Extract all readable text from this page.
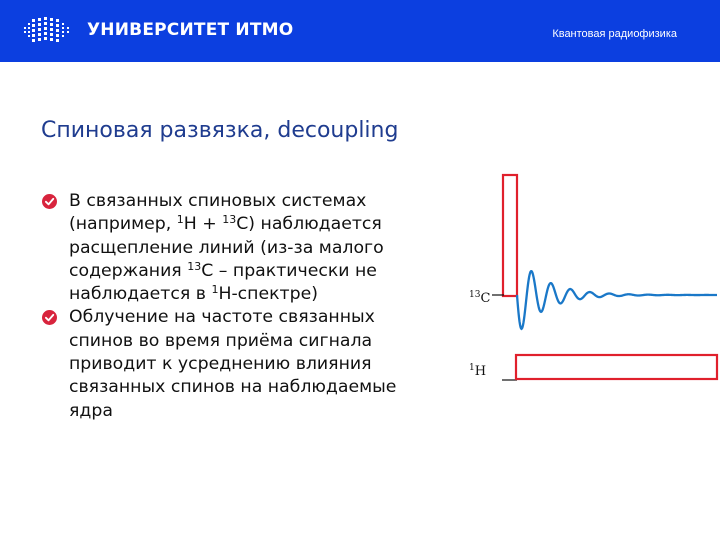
УНИВЕРСИТЕТ ИТМО	Квантовая радиофизика
Спиновая развязка, decoupling
В связанных спиновых системах (например, $^1$H + $^{13}$C) наблюдается расщепление линий (из-за малого содержания $^{13}$C – практически не наблюдается в $^1$H-спектре)
Облучение на частоте связанных спинов во время приёма сигнала приводит к усреднению влияния связанных спинов на наблюдаемые ядра
$^{13}$C
$^1$H
ITMOre than a
UNIVERSITY
